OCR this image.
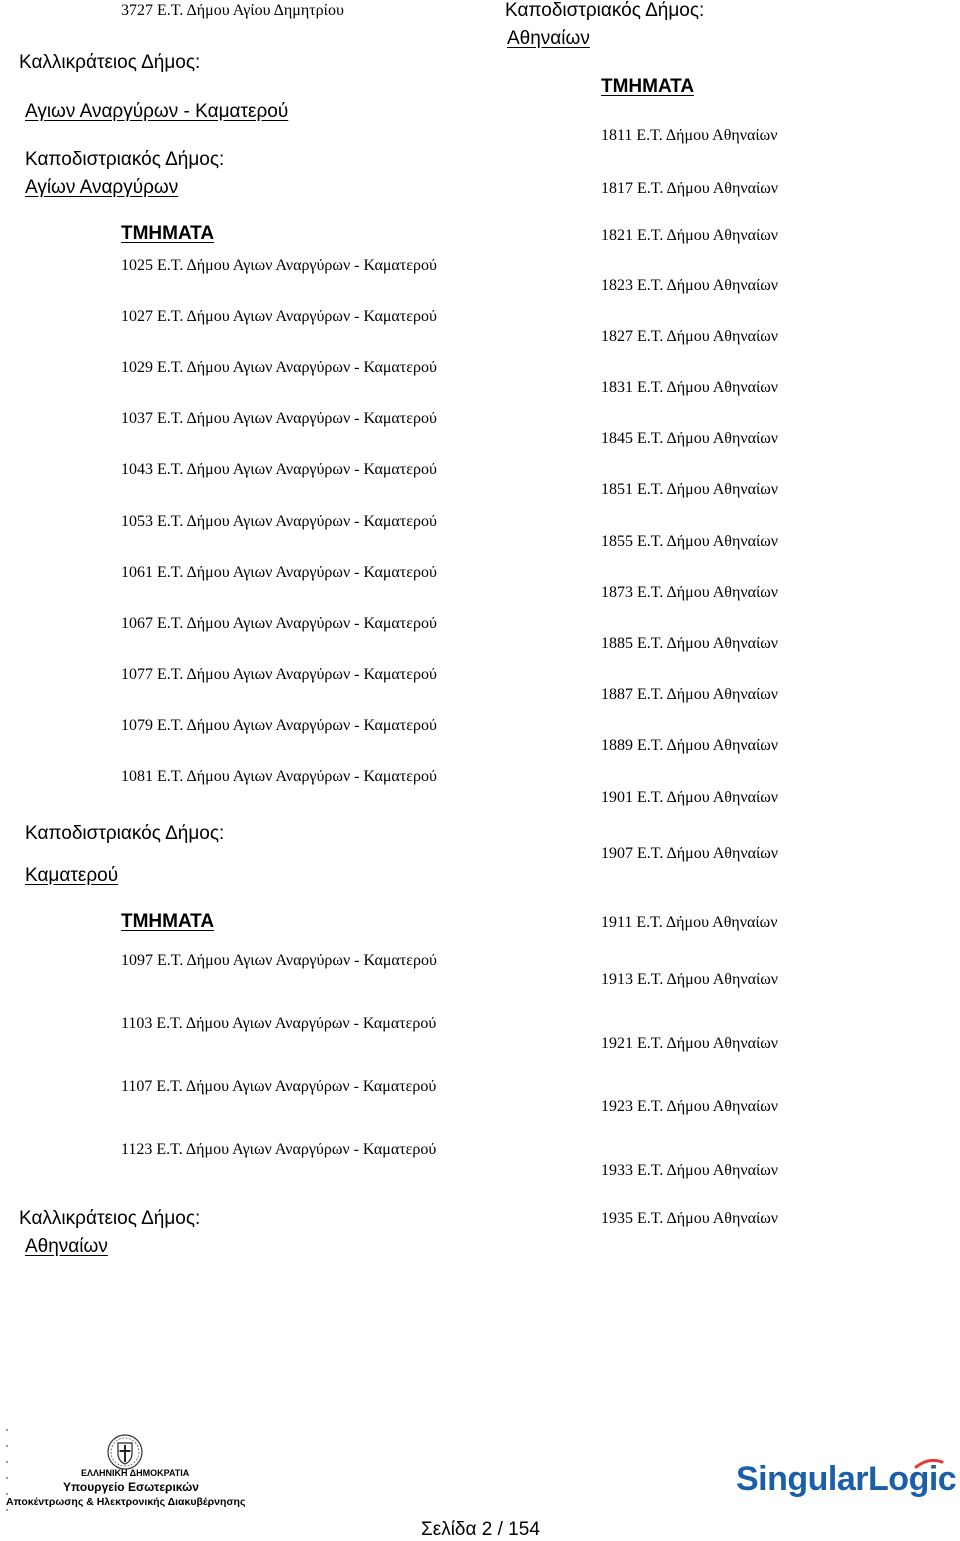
3727 Ε.Τ. Δήμου Αγίου Δημητρίου
Καλλικράτειος Δήμος:
Αγιων Αναργύρων - Καματερού
Καποδιστριακός Δήμος:
Αγίων Αναργύρων
ΤΜΗΜΑΤΑ
1025 Ε.Τ. Δήμου Αγιων Αναργύρων - Καματερού
1027 Ε.Τ. Δήμου Αγιων Αναργύρων - Καματερού
1029 Ε.Τ. Δήμου Αγιων Αναργύρων - Καματερού
1037 Ε.Τ. Δήμου Αγιων Αναργύρων - Καματερού
1043 Ε.Τ. Δήμου Αγιων Αναργύρων - Καματερού
1053 Ε.Τ. Δήμου Αγιων Αναργύρων - Καματερού
1061 Ε.Τ. Δήμου Αγιων Αναργύρων - Καματερού
1067 Ε.Τ. Δήμου Αγιων Αναργύρων - Καματερού
1077 Ε.Τ. Δήμου Αγιων Αναργύρων - Καματερού
1079 Ε.Τ. Δήμου Αγιων Αναργύρων - Καματερού
1081 Ε.Τ. Δήμου Αγιων Αναργύρων - Καματερού
Καποδιστριακός Δήμος:
Καματερού
ΤΜΗΜΑΤΑ
1097 Ε.Τ. Δήμου Αγιων Αναργύρων - Καματερού
1103 Ε.Τ. Δήμου Αγιων Αναργύρων - Καματερού
1107 Ε.Τ. Δήμου Αγιων Αναργύρων - Καματερού
1123 Ε.Τ. Δήμου Αγιων Αναργύρων - Καματερού
Καλλικράτειος Δήμος:
Αθηναίων
Καποδιστριακός Δήμος:
Αθηναίων
ΤΜΗΜΑΤΑ
1811 Ε.Τ. Δήμου Αθηναίων
1817 Ε.Τ. Δήμου Αθηναίων
1821 Ε.Τ. Δήμου Αθηναίων
1823 Ε.Τ. Δήμου Αθηναίων
1827 Ε.Τ. Δήμου Αθηναίων
1831 Ε.Τ. Δήμου Αθηναίων
1845 Ε.Τ. Δήμου Αθηναίων
1851 Ε.Τ. Δήμου Αθηναίων
1855 Ε.Τ. Δήμου Αθηναίων
1873 Ε.Τ. Δήμου Αθηναίων
1885 Ε.Τ. Δήμου Αθηναίων
1887 Ε.Τ. Δήμου Αθηναίων
1889 Ε.Τ. Δήμου Αθηναίων
1901 Ε.Τ. Δήμου Αθηναίων
1907 Ε.Τ. Δήμου Αθηναίων
1911 Ε.Τ. Δήμου Αθηναίων
1913 Ε.Τ. Δήμου Αθηναίων
1921 Ε.Τ. Δήμου Αθηναίων
1923 Ε.Τ. Δήμου Αθηναίων
1933 Ε.Τ. Δήμου Αθηναίων
1935 Ε.Τ. Δήμου Αθηναίων
ΕΛΛΗΝΙΚΗ ΔΗΜΟΚΡΑΤΙΑ
Υπουργείο Εσωτερικών
Αποκέντρωσης & Ηλεκτρονικής Διακυβέρνησης
Σελίδα 2 / 154
SingularLogic
